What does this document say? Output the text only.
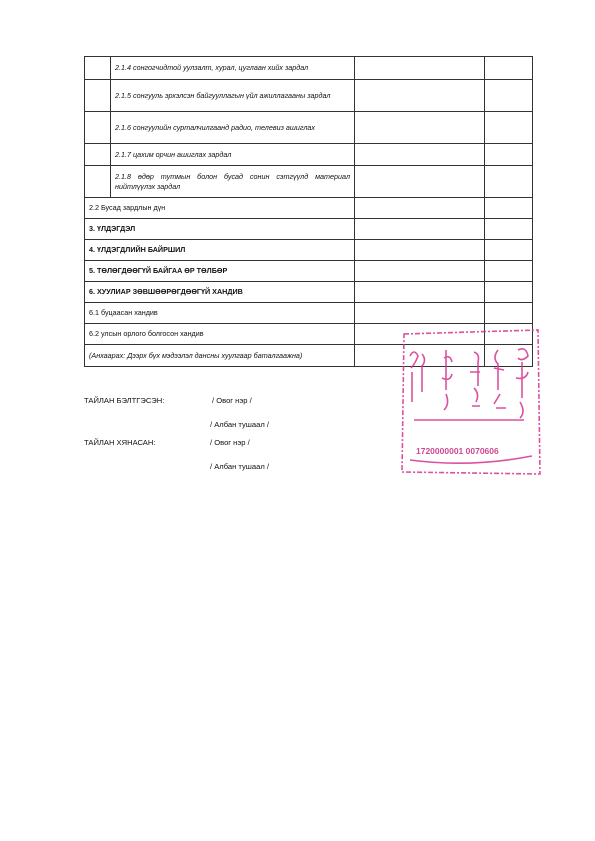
	2.1.4 сонгогчидтой уулзалт, хурал, цуглаан хийх зардал		
	2.1.5 сонгууль эрхэлсэн байгууллагын үйл ажиллагааны зардал		
	2.1.6 сонгуулийн сурталчилгаанд радио, телевиз ашиглах		
	2.1.7 цахим орчин ашиглах зардал		
	2.1.8 өдөр тутмын болон бусад сонин сэтгүүлд материал нийтлүүлэх зардал		
2.2 Бусад зардлын дүн			
3. ҮЛДЭГДЭЛ			
4. ҮЛДЭГДЛИЙН БАЙРШИЛ			
5. ТӨЛӨГДӨӨГҮЙ БАЙГАА ӨР ТӨЛБӨР			
6. ХУУЛИАР ЗӨВШӨӨРӨГДӨӨГҮЙ ХАНДИВ			
6.1 буцаасан хандив			
6.2 улсын орлого болгосон хандив			
(Анхаарах: Дээрх бүх мэдээлэл дансны хуулгаар баталгаажна)			
ТАЙЛАН БЭЛТГЭСЭН:	/ Овог нэр /
/ Албан тушаал /
ТАЙЛАН ХЯНАСАН:	/ Овог нэр /
/ Албан тушаал /
1720000001 0070606
